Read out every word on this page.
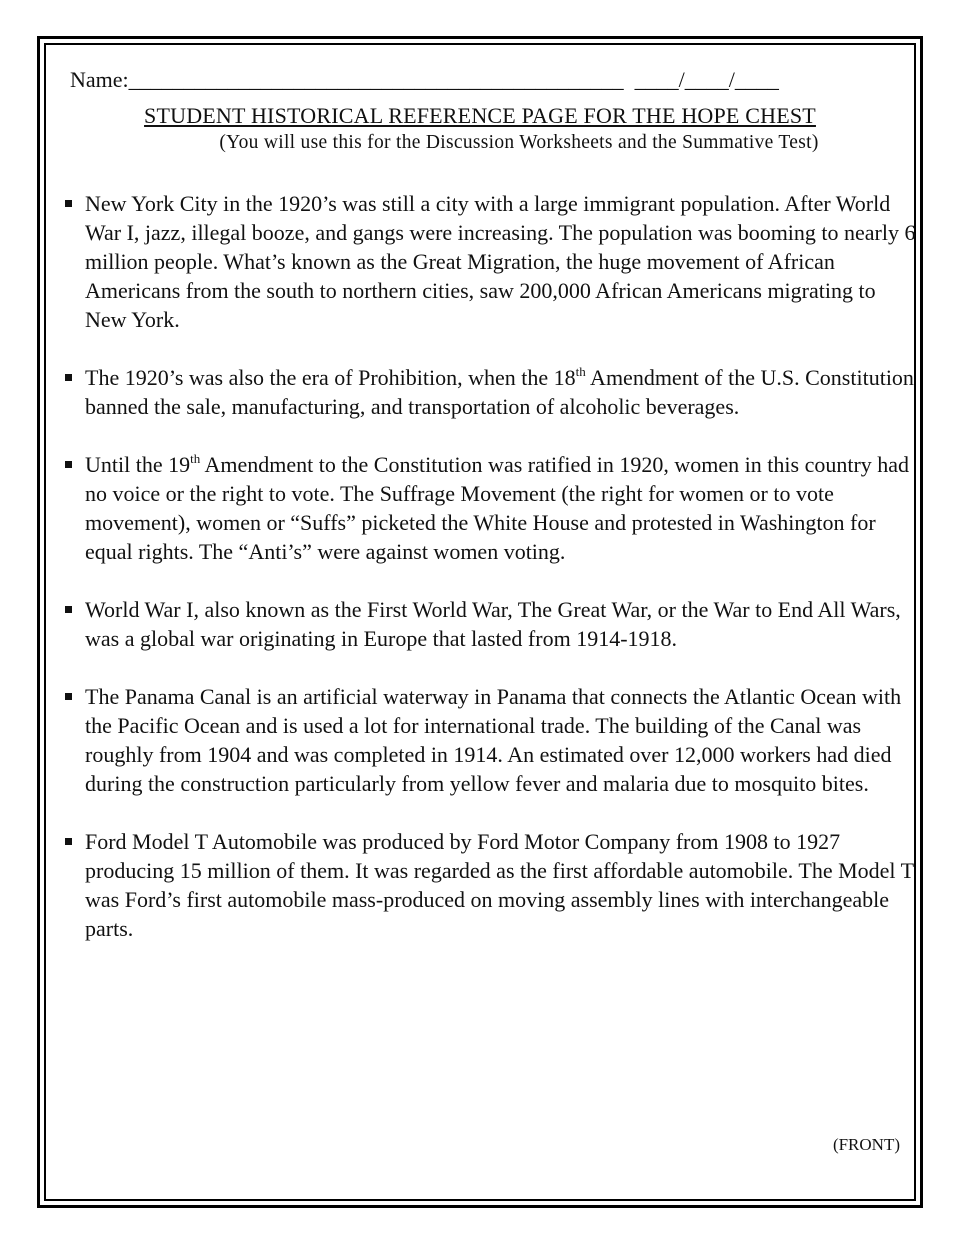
Name:_____________________________________________  ____/____/____
STUDENT HISTORICAL REFERENCE PAGE FOR THE HOPE CHEST
(You will use this for the Discussion Worksheets and the Summative Test)
New York City in the 1920’s was still a city with a large immigrant population. After World War I, jazz, illegal booze, and gangs were increasing. The population was booming to nearly 6 million people. What’s known as the Great Migration, the huge movement of African Americans from the south to northern cities, saw 200,000 African Americans migrating to New York.
The 1920’s was also the era of Prohibition, when the 18th Amendment of the U.S. Constitution banned the sale, manufacturing, and transportation of alcoholic beverages.
Until the 19th Amendment to the Constitution was ratified in 1920, women in this country had no voice or the right to vote. The Suffrage Movement (the right for women or to vote movement), women or “Suffs” picketed the White House and protested in Washington for equal rights. The “Anti’s” were against women voting.
World War I, also known as the First World War, The Great War, or the War to End All Wars, was a global war originating in Europe that lasted from 1914-1918.
The Panama Canal is an artificial waterway in Panama that connects the Atlantic Ocean with the Pacific Ocean and is used a lot for international trade. The building of the Canal was roughly from 1904 and was completed in 1914. An estimated over 12,000 workers had died during the construction particularly from yellow fever and malaria due to mosquito bites.
Ford Model T Automobile was produced by Ford Motor Company from 1908 to 1927 producing 15 million of them. It was regarded as the first affordable automobile. The Model T was Ford’s first automobile mass-produced on moving assembly lines with interchangeable parts.
(FRONT)
